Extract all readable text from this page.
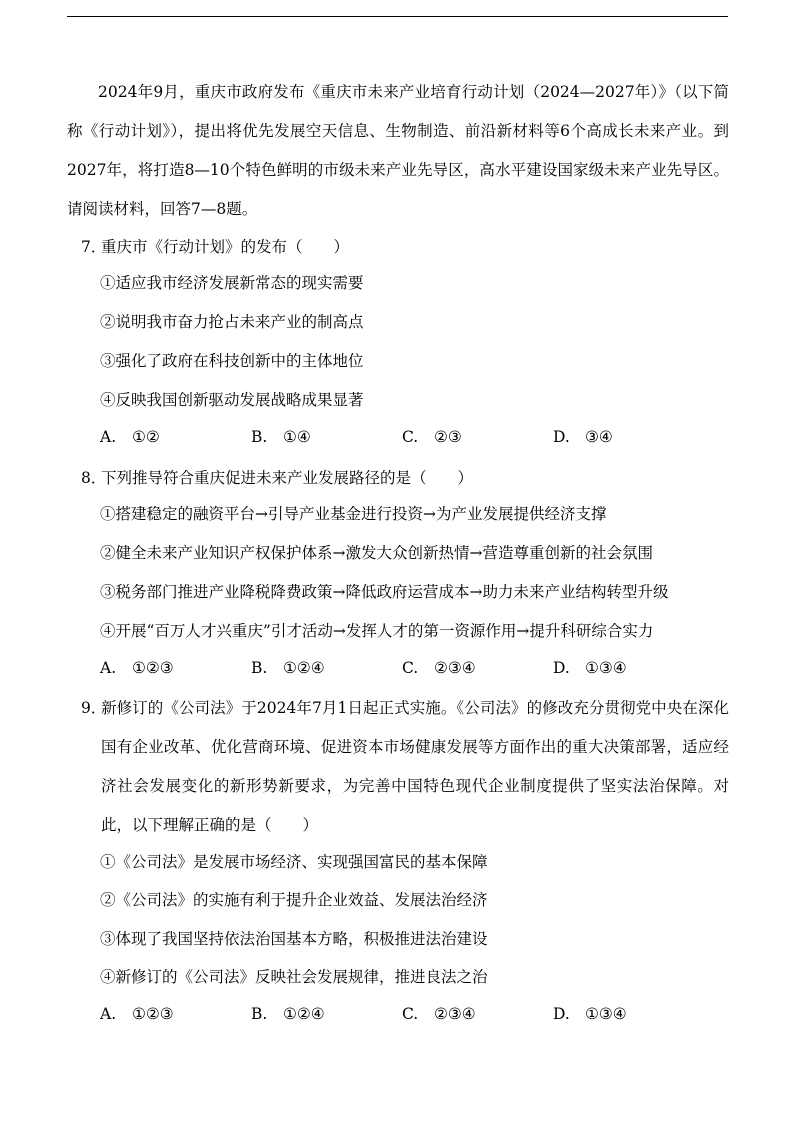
2024年9月，重庆市政府发布《重庆市未来产业培育行动计划（2024—2027年）》（以下简称《行动计划》），提出将优先发展空天信息、生物制造、前沿新材料等6个高成长未来产业。到2027年，将打造8—10个特色鲜明的市级未来产业先导区，高水平建设国家级未来产业先导区。请阅读材料，回答7—8题。
7．重庆市《行动计划》的发布（　　）
①适应我市经济发展新常态的现实需要
②说明我市奋力抢占未来产业的制高点
③强化了政府在科技创新中的主体地位
④反映我国创新驱动发展战略成果显著
A. ①②	B. ①④	C. ②③	D. ③④
8．下列推导符合重庆促进未来产业发展路径的是（　　）
①搭建稳定的融资平台→引导产业基金进行投资→为产业发展提供经济支撑
②健全未来产业知识产权保护体系→激发大众创新热情→营造尊重创新的社会氛围
③税务部门推进产业降税降费政策→降低政府运营成本→助力未来产业结构转型升级
④开展“百万人才兴重庆”引才活动→发挥人才的第一资源作用→提升科研综合实力
A. ①②③	B. ①②④	C. ②③④	D. ①③④
9．新修订的《公司法》于2024年7月1日起正式实施。《公司法》的修改充分贯彻党中央在深化国有企业改革、优化营商环境、促进资本市场健康发展等方面作出的重大决策部署，适应经济社会发展变化的新形势新要求，为完善中国特色现代企业制度提供了坚实法治保障。对此，以下理解正确的是（　　）
①《公司法》是发展市场经济、实现强国富民的基本保障
②《公司法》的实施有利于提升企业效益、发展法治经济
③体现了我国坚持依法治国基本方略，积极推进法治建设
④新修订的《公司法》反映社会发展规律，推进良法之治
A. ①②③	B. ①②④	C. ②③④	D. ①③④
